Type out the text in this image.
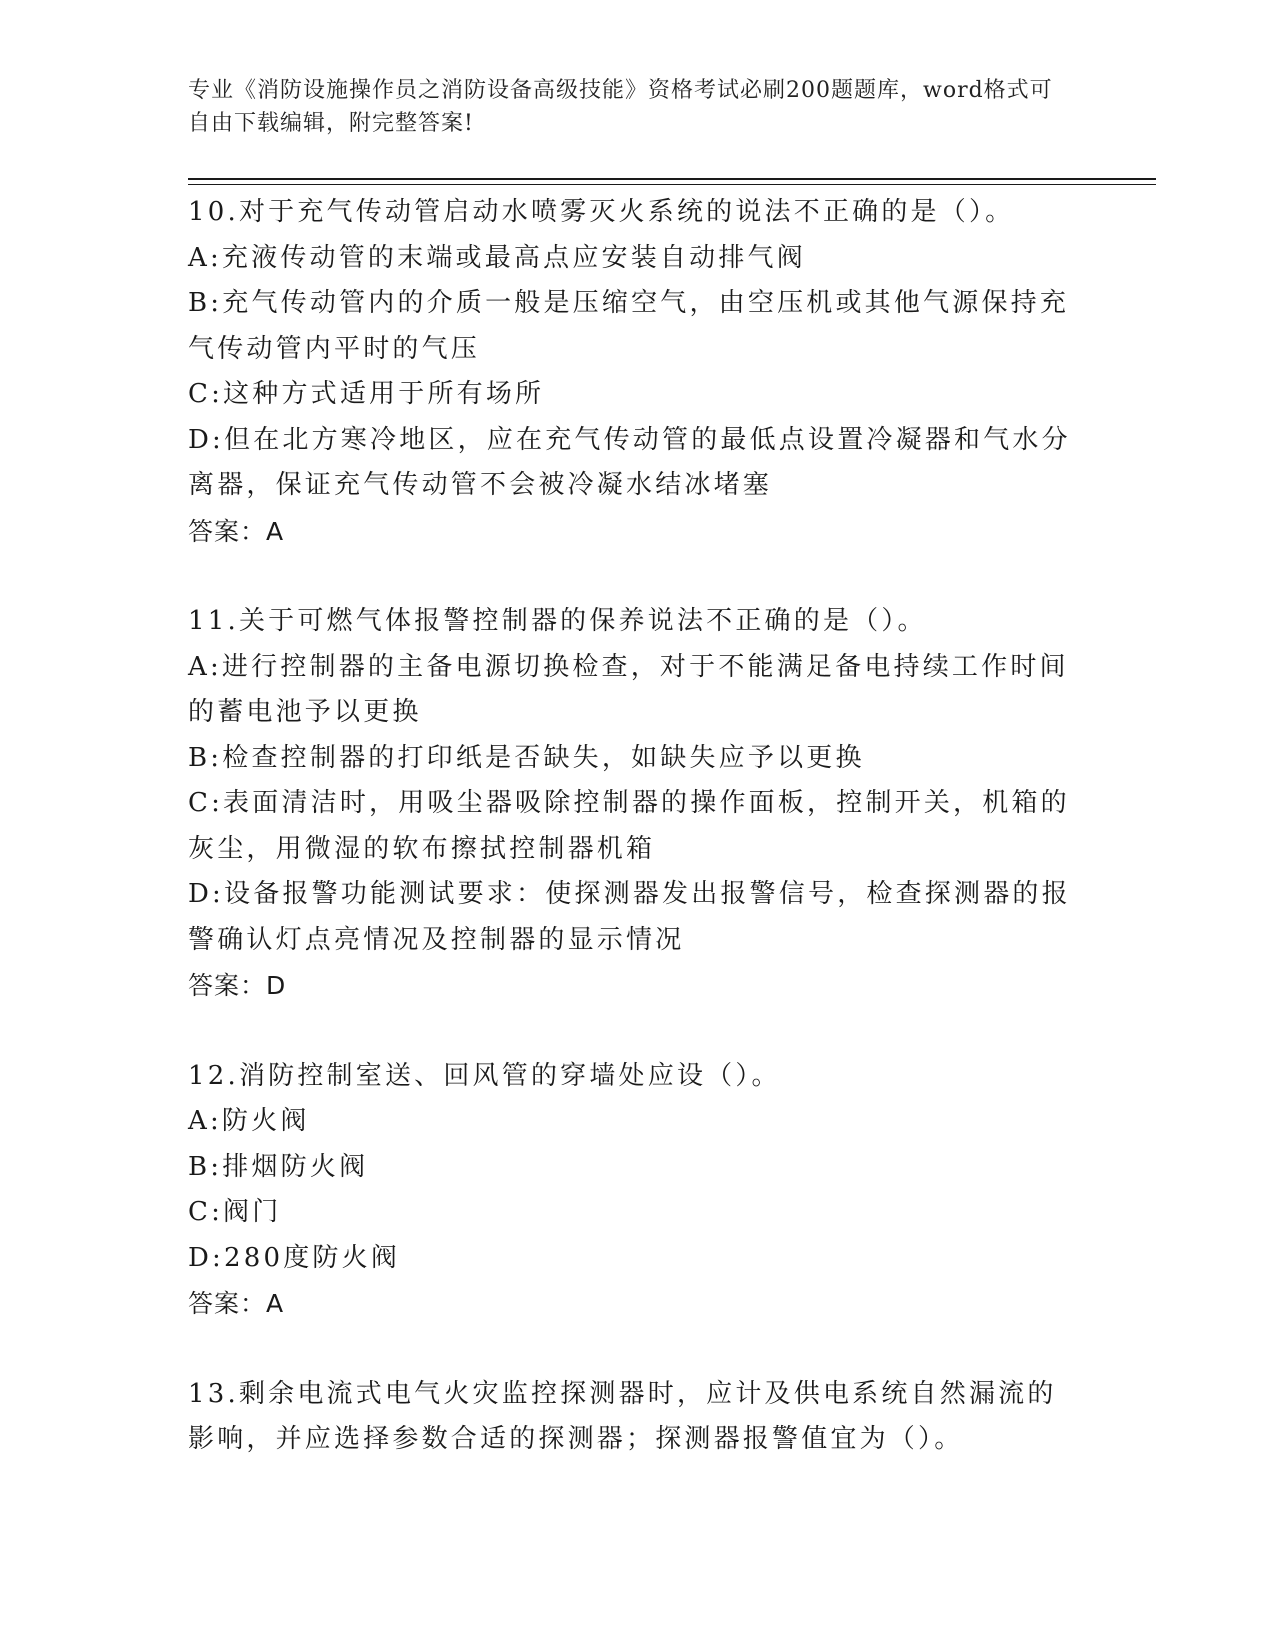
专业《消防设施操作员之消防设备高级技能》资格考试必刷200题题库，word格式可自由下载编辑，附完整答案!

10.对于充气传动管启动水喷雾灭火系统的说法不正确的是（）。

A:充液传动管的末端或最高点应安装自动排气阀

B:充气传动管内的介质一般是压缩空气，由空压机或其他气源保持充气传动管内平时的气压

C:这种方式适用于所有场所

D:但在北方寒冷地区，应在充气传动管的最低点设置冷凝器和气水分离器，保证充气传动管不会被冷凝水结冰堵塞

答案：A

11.关于可燃气体报警控制器的保养说法不正确的是（）。

A:进行控制器的主备电源切换检查，对于不能满足备电持续工作时间的蓄电池予以更换

B:检查控制器的打印纸是否缺失，如缺失应予以更换

C:表面清洁时，用吸尘器吸除控制器的操作面板，控制开关，机箱的灰尘，用微湿的软布擦拭控制器机箱

D:设备报警功能测试要求：使探测器发出报警信号，检查探测器的报警确认灯点亮情况及控制器的显示情况

答案：D

12.消防控制室送、回风管的穿墙处应设（）。

A:防火阀

B:排烟防火阀

C:阀门

D:280度防火阀

答案：A

13.剩余电流式电气火灾监控探测器时，应计及供电系统自然漏流的影响，并应选择参数合适的探测器；探测器报警值宜为（）。
